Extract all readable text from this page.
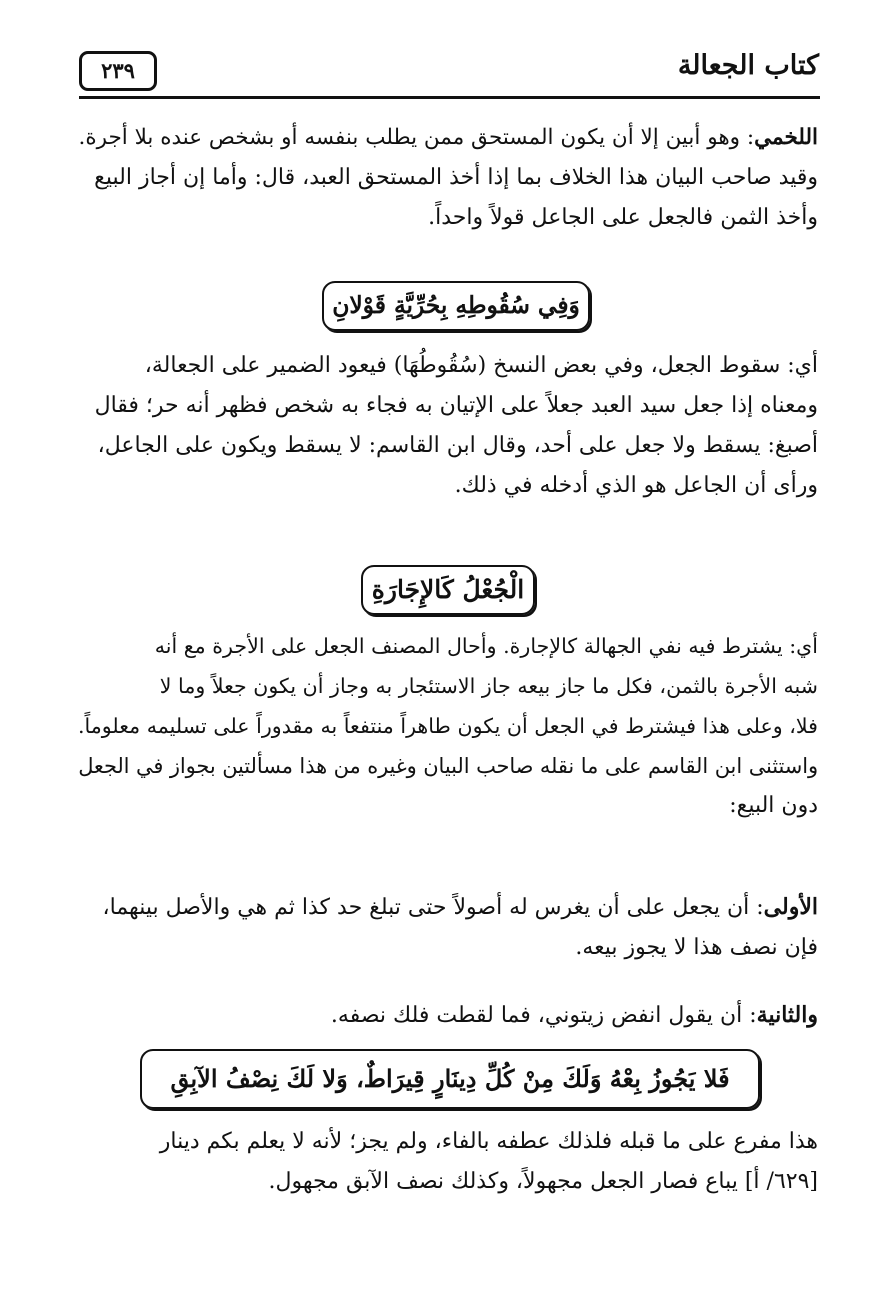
كتاب الجعالة
٢٣٩
اللخمي: وهو أبين إلا أن يكون المستحق ممن يطلب بنفسه أو بشخص عنده بلا أجرة.
وقيد صاحب البيان هذا الخلاف بما إذا أخذ المستحق العبد، قال: وأما إن أجاز البيع
وأخذ الثمن فالجعل على الجاعل قولاً واحداً.
وَفِي سُقُوطِهِ بِحُرِّيَّةٍ قَوْلانِ
أي: سقوط الجعل، وفي بعض النسخ (سُقُوطُهَا) فيعود الضمير على الجعالة،
ومعناه إذا جعل سيد العبد جعلاً على الإتيان به فجاء به شخص فظهر أنه حر؛ فقال
أصبغ: يسقط ولا جعل على أحد، وقال ابن القاسم: لا يسقط ويكون على الجاعل،
ورأى أن الجاعل هو الذي أدخله في ذلك.
الْجُعْلُ كَالإِجَارَةِ
أي: يشترط فيه نفي الجهالة كالإجارة. وأحال المصنف الجعل على الأجرة مع أنه
شبه الأجرة بالثمن، فكل ما جاز بيعه جاز الاستئجار به وجاز أن يكون جعلاً وما لا
فلا، وعلى هذا فيشترط في الجعل أن يكون طاهراً منتفعاً به مقدوراً على تسليمه معلوماً.
واستثنى ابن القاسم على ما نقله صاحب البيان وغيره من هذا مسألتين بجواز في الجعل
دون البيع:
الأولى: أن يجعل على أن يغرس له أصولاً حتى تبلغ حد كذا ثم هي والأصل بينهما،
فإن نصف هذا لا يجوز بيعه.
والثانية: أن يقول انفض زيتوني، فما لقطت فلك نصفه.
فَلا يَجُوزُ بِعْهُ وَلَكَ مِنْ كُلِّ دِينَارٍ قِيرَاطٌ، وَلا لَكَ نِصْفُ الآبِقِ
هذا مفرع على ما قبله فلذلك عطفه بالفاء، ولم يجز؛ لأنه لا يعلم بكم دينار
[٦٢٩/ أ] يباع فصار الجعل مجهولاً، وكذلك نصف الآبق مجهول.
